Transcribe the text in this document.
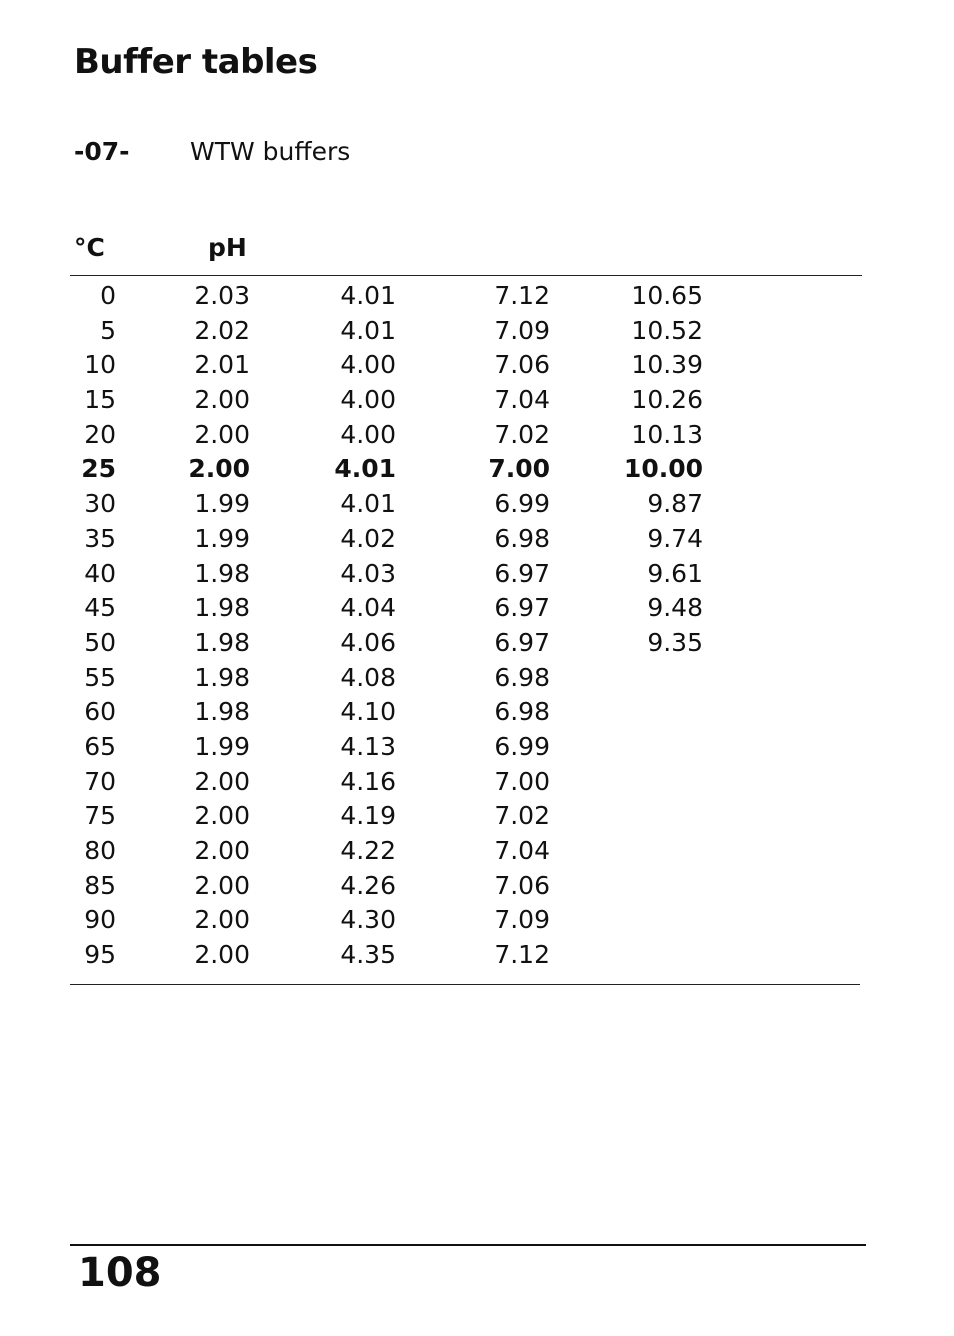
Buffer tables
-07- WTW buffers
°C	pH
0	2.03	4.01	7.12	10.65
5	2.02	4.01	7.09	10.52
10	2.01	4.00	7.06	10.39
15	2.00	4.00	7.04	10.26
20	2.00	4.00	7.02	10.13
25	2.00	4.01	7.00	10.00
30	1.99	4.01	6.99	9.87
35	1.99	4.02	6.98	9.74
40	1.98	4.03	6.97	9.61
45	1.98	4.04	6.97	9.48
50	1.98	4.06	6.97	9.35
55	1.98	4.08	6.98
60	1.98	4.10	6.98
65	1.99	4.13	6.99
70	2.00	4.16	7.00
75	2.00	4.19	7.02
80	2.00	4.22	7.04
85	2.00	4.26	7.06
90	2.00	4.30	7.09
95	2.00	4.35	7.12
108
